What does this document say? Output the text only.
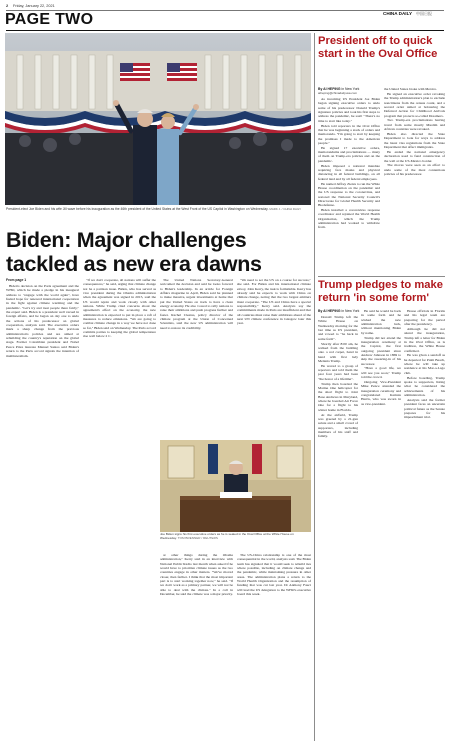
2 Friday, January 22, 2021
CHINA DAILY 中国日报
PAGE TWO
President-elect Joe Biden and his wife Jill wave before his inauguration as the 46th president of the United States at the West Front of the US Capitol in Washington on Wednesday. MARK J. / CHINA DAILY
Biden: Major challenges tackled as new era dawns
From page 1

Biden's decision on the Paris agreement and the WHO, which he made a pledge in his inaugural address to "engage with the world again", have fueled hope for renewed international cooperation in the fight against climate warming and the pandemic. "Let's try and treat people there fairly," the expert said. Biden is a president well versed in foreign affairs, and he began on day one to undo the actions of his predecessor on global cooperation, analysts said. The executive orders mark a sharp change from the previous administration's policies and are aimed at rebuilding the country's reputation on the global stage. Former Colombian president and Nobel Peace Prize laureate Manuel Santos said Biden's return to the Paris accord signals the intention of multilateralism.

"If we don't cooperate, all nations will suffer the consequences," he said, urging that climate change not be a partisan issue. Biden, who has served as vice president during the Obama administration when the agreement was signed in 2015, said the US would rejoin and work closely with other nations. While Trump cited concerns about the agreement's effect on the economy, the new administration is expected to put in place a raft of measures to reduce emissions. "We are going to combat climate change in a way we have not done so far," Biden said on Wednesday. The Paris accord commits parties to keeping the global temperature rise well below 2 C.

The United Nations Secretary-General welcomed the decision and said he looks forward to Biden's leadership. In an article for Foreign Affairs magazine in April, Biden said he planned to make massive, urgent investments at home that put the United States on track to have a clean energy economy. He also vowed to rally nations to raise their ambitions and push progress further and faster. Rachel Cleetus, policy director of the climate program at the Union of Concerned Scientists, said the new US administration will need to restore its credibility.

"We need to set the US on a course for success," she said. For Biden and his international climate envoy, John Kerry, the task is formidable. Kerry has already said he expects to work with China on climate change, noting that the two largest emitters must cooperate. "The US and China have a special responsibility," Kerry said. Analysts say the commitments made in Paris are insufficient and that all countries must raise their ambitions ahead of the next UN climate conference in Glasgow later this year.

President off to quick start in the Oval Office
By AI HEPING in New York
aiheping@chinadailyusa.com

As incoming US President Joe Biden began signing executive orders to undo some of his predecessor Donald Trump's signature policies and took his first steps to address the pandemic, he said: "There's no time to start like today."

Biden told reporters in the Oval Office that he was beginning a stack of orders and memoranda. "I'm going to start by keeping the promises I made to the American people."

He signed 17 executive orders, memorandums and proclamations — many of them on Trump-era policies and on the pandemic.

Biden imposed a national mandate requiring face masks and physical distancing in all federal buildings, on all federal land and by all federal employees.

He named Jeffrey Zients to run the White House coordination on the pandemic and the US response to the coronavirus, and restored the National Security Council's Directorate for Global Health Security and Biodefense.

Biden installed a coronavirus response coordinator and rejoined the World Health Organization, which the Trump administration had worked to withdraw from.

the United States broke with Mexico.

He signed an executive order revoking the Trump administration's plan to exclude noncitizens from the census count, and a second order aimed at bolstering the Deferred Action for Childhood Arrivals program that protects so-called Dreamers.

Two Trump-era proclamations barring travel from some mostly Muslim and African countries were revoked.

Biden also directed the State Department to look for ways to address the latest visa regulations from the State Department that affect immigrants.

He ended the national emergency declaration used to fund construction of the wall at the US-Mexico border.

The moves were seen as an effort to undo some of the most contentious policies of his predecessor.

Trump pledges to make return 'in some form'
By AI HEPING in New York

Donald Trump left the White House on Wednesday morning for the last time as US president, and vowed to "be back in some form".

Shortly after 8:00 am, he walked from the building onto a red carpet, hand in hand with first lady Melania Trump.

He waved to a group of reporters and told them the past four years had been "the honor of a lifetime".

Trump then boarded the Marine One helicopter for the short flight to Joint Base Andrews in Maryland, where he boarded Air Force One for a flight to his winter home in Florida.

At the airfield, Trump was greeted by a 21-gun salute and a small crowd of supporters, including members of his staff and family.

He said he would be back in some form and he wished the new administration luck, without mentioning Biden by name.

Trump did not attend the inauguration ceremony at the Capitol, the first outgoing president since Andrew Johnson in 1869 to skip the swearing-in of his successor.

"Have a good life, we will see you soon," Trump told the crowd.

Outgoing Vice-President Mike Pence attended the inauguration ceremony and congratulated Kamala Harris, who was sworn in as vice-president.

House officials in Florida and his legal team are preparing for the period after the presidency.

Although he did not attend the inauguration, Trump left a letter for Biden in the Oval Office, as is tradition, the White House confirmed.

He was given a sendoff as he departed for Palm Beach, where he will take up residence at his Mar-a-Lago club.

Before boarding, Trump spoke to supporters, listing what he considered the achievements of his administration.

Analysts said the former president faces an uncertain political future as the Senate prepares for his impeachment trial.

Joe Biden signs his first executive orders as he is seated in the Oval Office at the White House on Wednesday. TOM BRENNER / REUTERS

at other things during the Obama administration," Kerry said in an interview with National Public Radio last month when asked if he would have to prioritize climate issues as the two countries engage in other matters. "We've moved closer, then farther. I think that the most important part is to start working together now," he said. "If we don't work as a primary partner, we will not be able to deal with the climate." In a call in December, he said the climate was a major priority.

The US-China relationship is one of the most consequential in the world, analysts said. The Biden team has signaled that it would seek to rebuild ties where possible, including on climate change and the pandemic, while maintaining pressure in other areas. The administration plans a return to the World Health Organization and the resumption of funding that was cut last year. Dr Anthony Fauci will lead the US delegation to the WHO's executive board this week.
